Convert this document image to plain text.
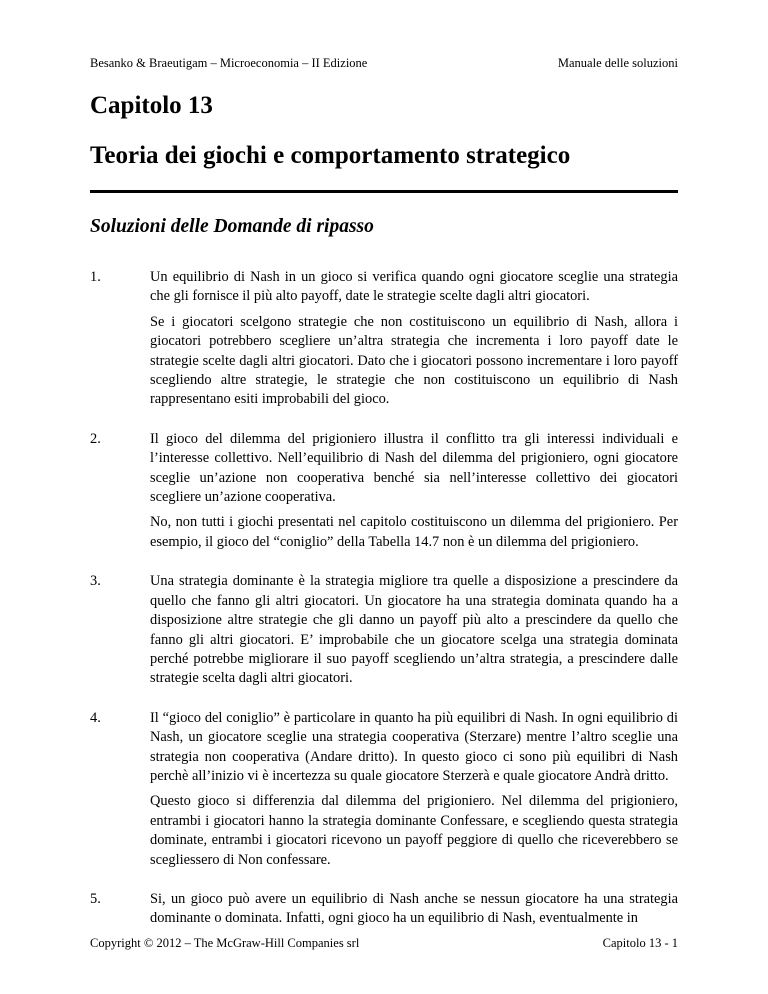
Besanko & Braeutigam – Microeconomia – II Edizione	Manuale delle soluzioni
Capitolo 13
Teoria dei giochi e comportamento strategico
Soluzioni delle Domande di ripasso
1.	Un equilibrio di Nash in un gioco si verifica quando ogni giocatore sceglie una strategia che gli fornisce il più alto payoff, date le strategie scelte dagli altri giocatori.

Se i giocatori scelgono strategie che non costituiscono un equilibrio di Nash, allora i giocatori potrebbero scegliere un’altra strategia che incrementa i loro payoff date le strategie scelte dagli altri giocatori. Dato che i giocatori possono incrementare i loro payoff scegliendo altre strategie, le strategie che non costituiscono un equilibrio di Nash rappresentano esiti improbabili del gioco.

2.	Il gioco del dilemma del prigioniero illustra il conflitto tra gli interessi individuali e l’interesse collettivo. Nell’equilibrio di Nash del dilemma del prigioniero, ogni giocatore sceglie un’azione non cooperativa benché sia nell’interesse collettivo dei giocatori scegliere un’azione cooperativa.

No, non tutti i giochi presentati nel capitolo costituiscono un dilemma del prigioniero. Per esempio, il gioco del “coniglio” della Tabella 14.7 non è un dilemma del prigioniero.

3.	Una strategia dominante è la strategia migliore tra quelle a disposizione a prescindere da quello che fanno gli altri giocatori. Un giocatore ha una strategia dominata quando ha a disposizione altre strategie che gli danno un payoff più alto a prescindere da quello che fanno gli altri giocatori. E’ improbabile che un giocatore scelga una strategia dominata perché potrebbe migliorare il suo payoff scegliendo un’altra strategia, a prescindere dalle strategie scelta dagli altri giocatori.

4.	Il “gioco del coniglio” è particolare in quanto ha più equilibri di Nash. In ogni equilibrio di Nash, un giocatore sceglie una strategia cooperativa (Sterzare) mentre l’altro sceglie una strategia non cooperativa (Andare dritto). In questo gioco ci sono più equilibri di Nash perchè all’inizio vi è incertezza su quale giocatore Sterzerà e quale giocatore Andrà dritto.

Questo gioco si differenzia dal dilemma del prigioniero. Nel dilemma del prigioniero, entrambi i giocatori hanno la strategia dominante Confessare, e scegliendo questa strategia dominate, entrambi i giocatori ricevono un payoff peggiore di quello che riceverebbero se scegliessero di Non confessare.

5.	Si, un gioco può avere un equilibrio di Nash anche se nessun giocatore ha una strategia dominante o dominata. Infatti, ogni gioco ha un equilibrio di Nash, eventualmente in

Copyright © 2012 – The McGraw-Hill Companies srl	Capitolo 13 - 1
